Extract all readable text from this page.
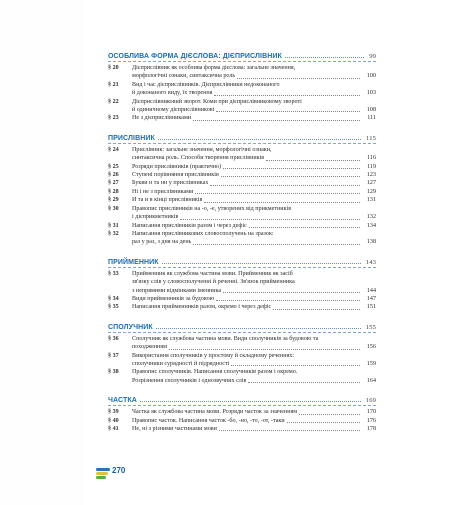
ОСОБЛИВА ФОРМА ДІЄСЛОВА: ДІЄПРИСЛІВНИК	99
§ 20	Дієприслівник як особлива форма дієслова: загальне значення,
морфологічні ознаки, синтаксична роль	100
§ 21	Вид і час дієприслівників. Дієприслівники недоконаного
й доконаного виду, їх творення	103
§ 22	Дієприслівниковий зворот. Коми при дієприслівниковому звороті
й одиничному дієприслівникові	108
§ 23	Не з дієприслівниками	111
ПРИСЛІВНИК	115
§ 24	Прислівник: загальне значення, морфологічні ознаки,
синтаксична роль. Способи творення прислівників	116
§ 25	Розряди прислівників (практично)	119
§ 26	Ступені порівняння прислівників	123
§ 27	Букви н та нн у прислівниках	127
§ 28	Ні і не з прислівниками	129
§ 29	И та и в кінці прислівників	131
§ 30	Правопис прислівників на -о, -е, утворених від прикметників
і дієприкметників	132
§ 31	Написання прислівників разом і через дефіс	134
§ 32	Написання прислівникових словосполучень на зразок:
раз у раз, з дня на день	138
ПРИЙМЕННИК	143
§ 33	Прийменник як службова частина мови. Прийменник як засіб
зв'язку слів у словосполученні й реченні. Зв'язок прийменника
з непрямими відмінками іменника	144
§ 34	Види прийменників за будовою	147
§ 35	Написання прийменників разом, окремо і через дефіс	151
СПОЛУЧНИК	155
§ 36	Сполучник як службова частина мови. Види сполучників за будовою та
походженням	156
§ 37	Використання сполучників у простому й складному реченнях:
сполучники сурядності й підрядності	159
§ 38	Правопис сполучників. Написання сполучників разом і окремо.
Розрізнення сполучників і однозвучних слів	164
ЧАСТКА	169
§ 39	Частка як службова частина мови. Розряди часток за значенням	170
§ 40	Правопис часток. Написання часток -бо, -но, -то, -от, -таки	176
§ 41	Не, ні з різними частинами мови	178
270
